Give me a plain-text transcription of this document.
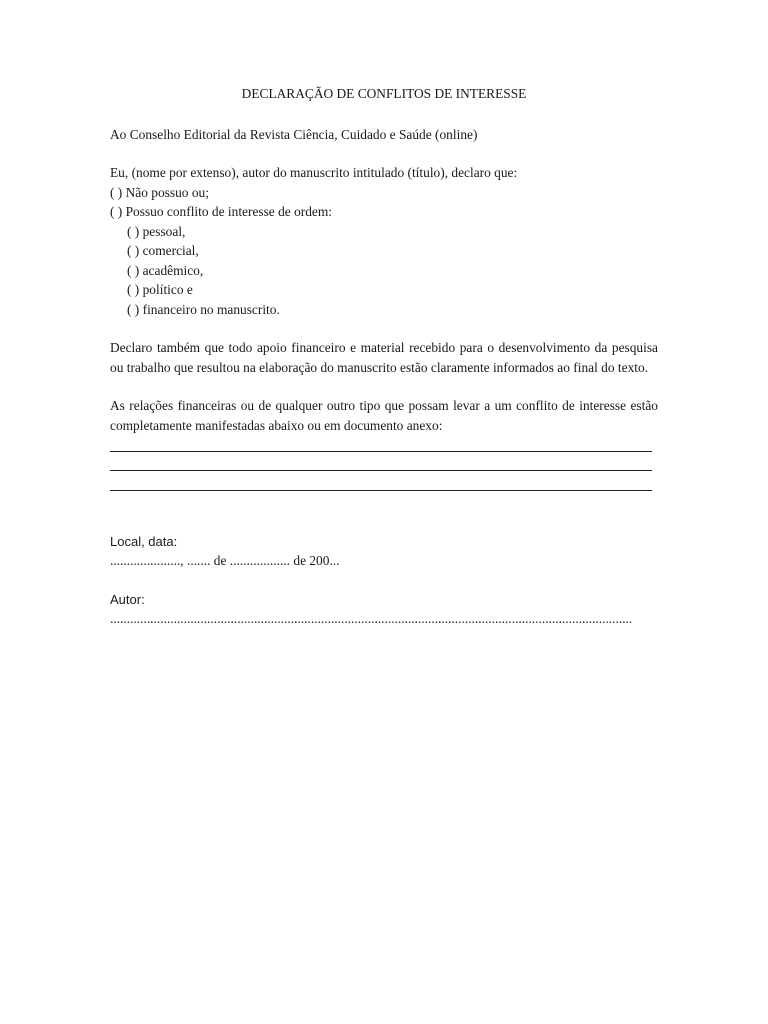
DECLARAÇÃO DE CONFLITOS DE INTERESSE

Ao Conselho Editorial da Revista Ciência, Cuidado e Saúde (online)

Eu, (nome por extenso), autor do manuscrito intitulado (título), declaro que:

( ) Não possuo ou;

( ) Possuo conflito de interesse de ordem:

( ) pessoal,

( ) comercial,

( ) acadêmico,

( ) político e

( ) financeiro no manuscrito.

Declaro também que todo apoio financeiro e material recebido para o desenvolvimento da pesquisa ou trabalho que resultou na elaboração do manuscrito estão claramente informados ao final do texto.

As relações financeiras ou de qualquer outro tipo que possam levar a um conflito de interesse estão completamente manifestadas abaixo ou em documento anexo:

Local, data:

....................., ....... de .................. de 200...

Autor:

............................................................................................................................................................
